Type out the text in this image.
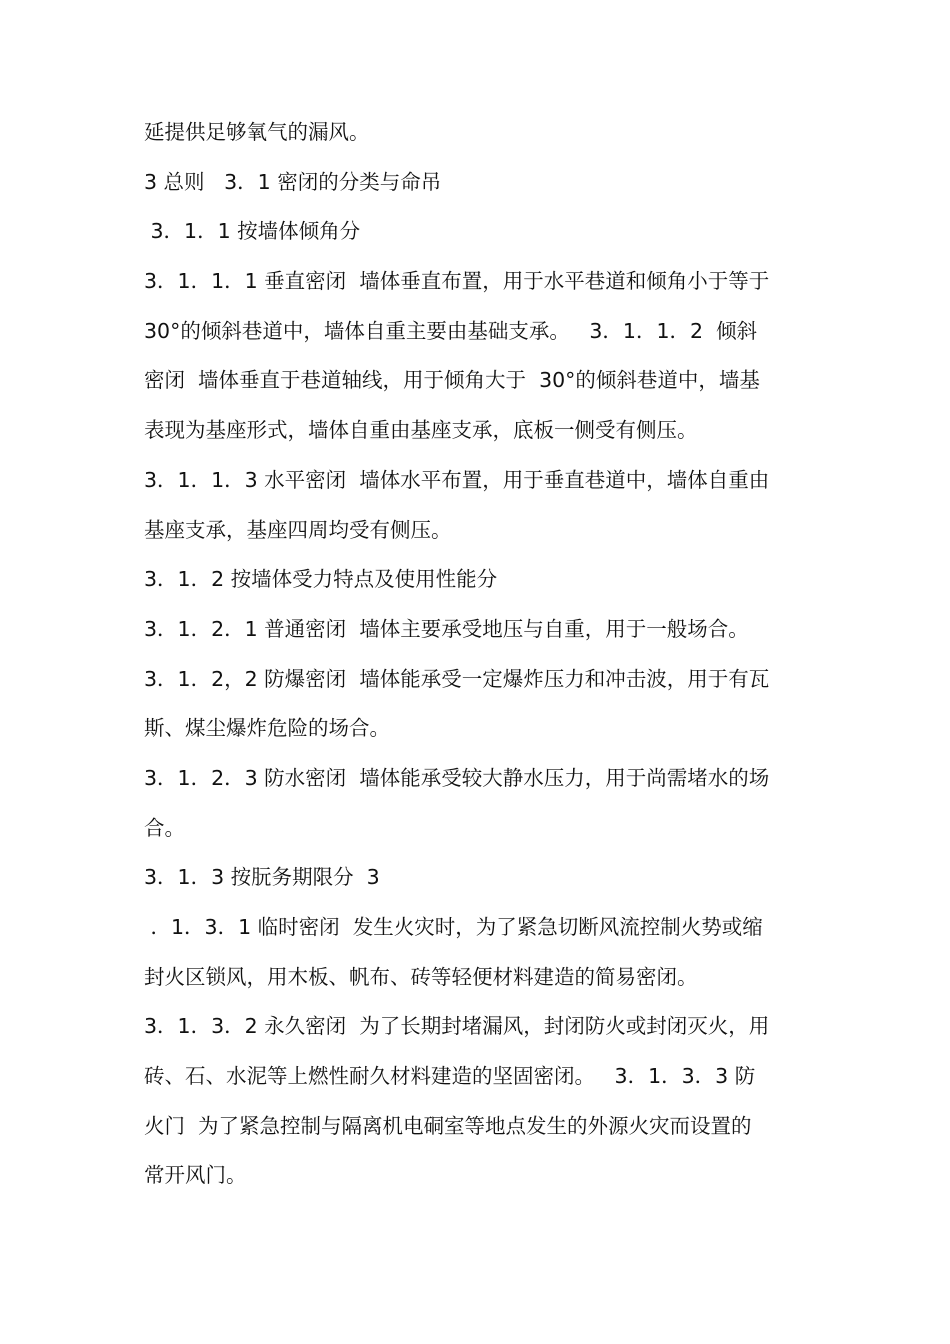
延提供足够氧气的漏风。
3 总则   3．1 密闭的分类与命吊
3．1．1 按墙体倾角分
3．1．1．1 垂直密闭  墙体垂直布置，用于水平巷道和倾角小于等于
30°的倾斜巷道中，墙体自重主要由基础支承。   3．1．1．2  倾斜
密闭  墙体垂直于巷道轴线，用于倾角大于  30°的倾斜巷道中，墙基
表现为基座形式，墙体自重由基座支承，底板一侧受有侧压。
3．1．1．3 水平密闭  墙体水平布置，用于垂直巷道中，墙体自重由
基座支承，基座四周均受有侧压。
3．1．2 按墙体受力特点及使用性能分
3．1．2．1 普通密闭  墙体主要承受地压与自重，用于一般场合。
3．1．2，2 防爆密闭  墙体能承受一定爆炸压力和冲击波，用于有瓦
斯、煤尘爆炸危险的场合。
3．1．2．3 防水密闭  墙体能承受较大静水压力，用于尚需堵水的场
合。
3．1．3 按朊务期限分  3
．1．3．1 临时密闭  发生火灾时，为了紧急切断风流控制火势或缩
封火区锁风，用木板、帆布、砖等轻便材料建造的简易密闭。
3．1．3．2 永久密闭  为了长期封堵漏风，封闭防火或封闭灭火，用
砖、石、水泥等上燃性耐久材料建造的坚固密闭。   3．1．3．3 防
火门  为了紧急控制与隔离机电硐室等地点发生的外源火灾而设置的
常开风门。
